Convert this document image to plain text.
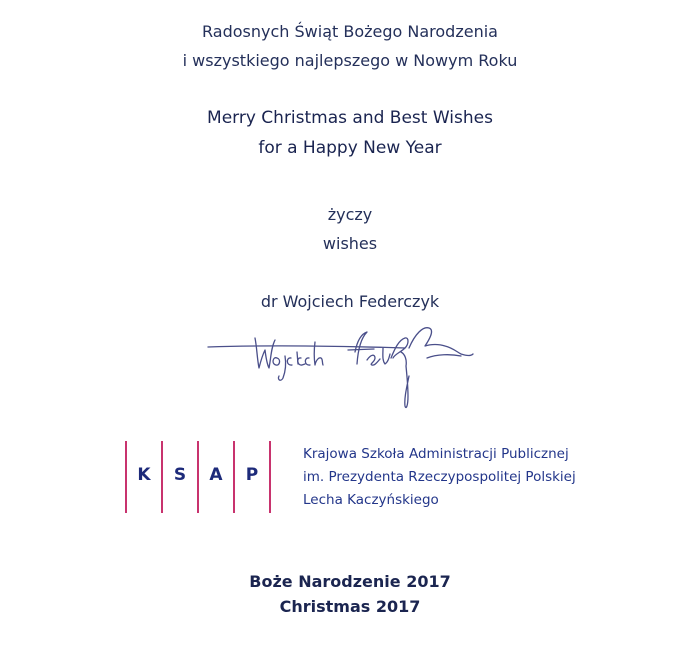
Radosnych Świąt Bożego Narodzenia
i wszystkiego najlepszego w Nowym Roku
Merry Christmas and Best Wishes
for a Happy New Year
życzy
wishes
dr Wojciech Federczyk
K	S	A	P
Krajowa Szkoła Administracji Publicznej
im. Prezydenta Rzeczypospolitej Polskiej
Lecha Kaczyńskiego
Boże Narodzenie 2017
Christmas 2017
